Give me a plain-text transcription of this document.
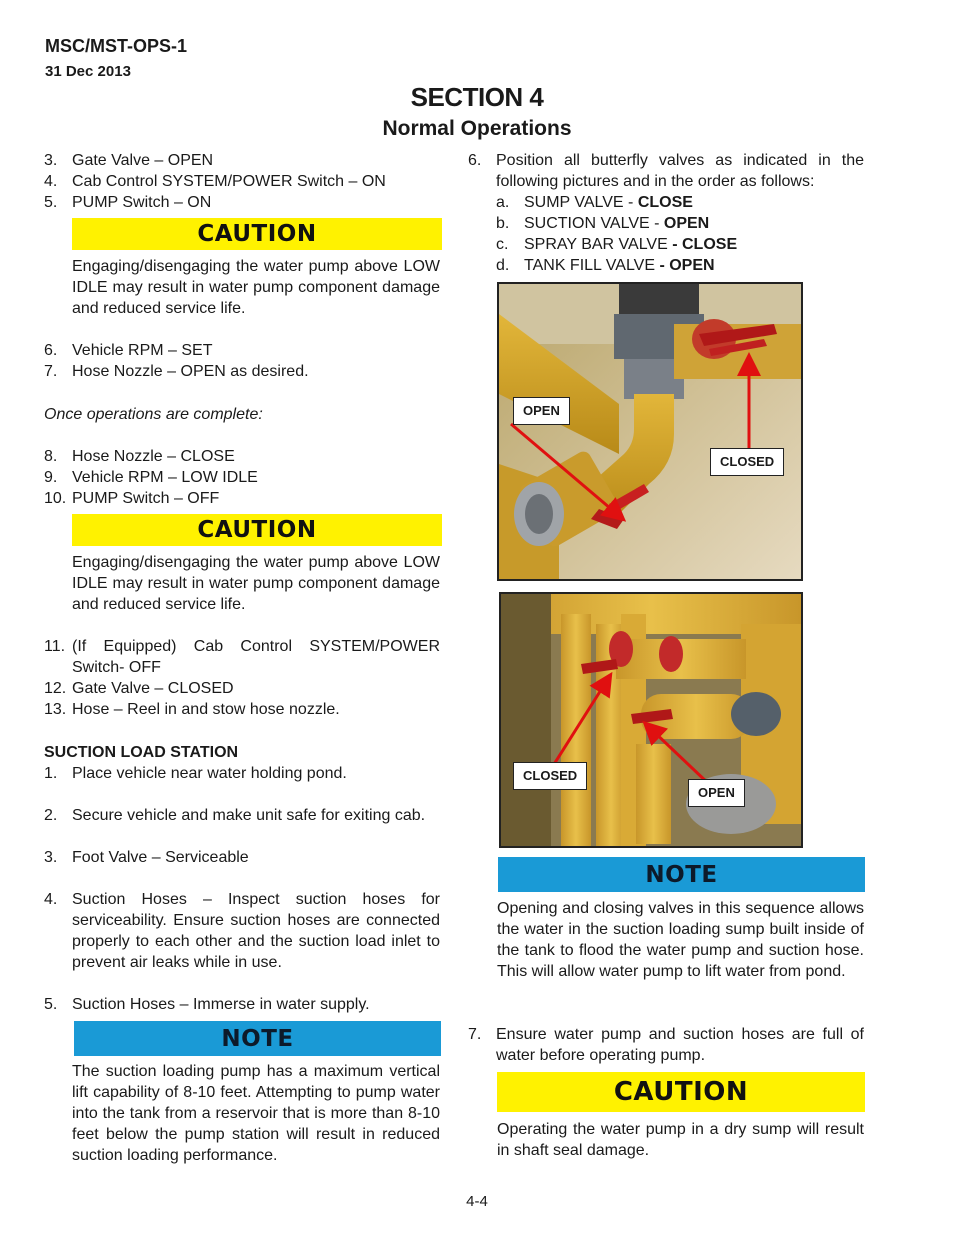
MSC/MST-OPS-1
31 Dec 2013
SECTION 4
Normal Operations
3. Gate Valve – OPEN
4. Cab Control SYSTEM/POWER Switch – ON
5. PUMP Switch – ON
CAUTION
Engaging/disengaging the water pump above LOW IDLE may result in water pump component damage and reduced service life.
6. Vehicle RPM – SET
7. Hose Nozzle – OPEN as desired.
Once operations are complete:
8. Hose Nozzle – CLOSE
9. Vehicle RPM – LOW IDLE
10. PUMP Switch – OFF
CAUTION
Engaging/disengaging the water pump above LOW IDLE may result in water pump component damage and reduced service life.
11. (If Equipped) Cab Control SYSTEM/POWER Switch- OFF
12. Gate Valve – CLOSED
13. Hose – Reel in and stow hose nozzle.
SUCTION LOAD STATION
1. Place vehicle near water holding pond.
2. Secure vehicle and make unit safe for exiting cab.
3. Foot Valve – Serviceable
4. Suction Hoses – Inspect suction hoses for serviceability. Ensure suction hoses are connected properly to each other and the suction load inlet to prevent air leaks while in use.
5. Suction Hoses – Immerse in water supply.
NOTE
The suction loading pump has a maximum vertical lift capability of 8-10 feet. Attempting to pump water into the tank from a reservoir that is more than 8-10 feet below the pump station will result in reduced suction loading performance.
6. Position all butterfly valves as indicated in the following pictures and in the order as follows:
a. SUMP VALVE - CLOSE
b. SUCTION VALVE - OPEN
c. SPRAY BAR VALVE - CLOSE
d. TANK FILL VALVE - OPEN
OPEN
CLOSED
CLOSED
OPEN
NOTE
Opening and closing valves in this sequence allows the water in the suction loading sump built inside of the tank to flood the water pump and suction hose. This will allow water pump to lift water from pond.
7. Ensure water pump and suction hoses are full of water before operating pump.
CAUTION
Operating the water pump in a dry sump will result in shaft seal damage.
4-4
